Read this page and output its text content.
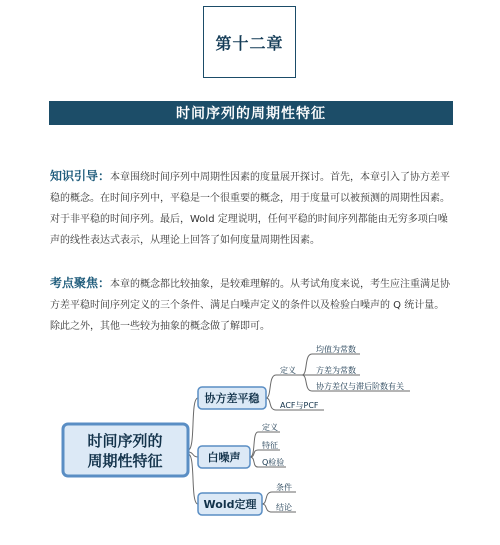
第十二章
时间序列的周期性特征

知识引导：本章围绕时间序列中周期性因素的度量展开探讨。首先，本章引入了协方差平稳的概念。在时间序列中，平稳是一个很重要的概念，用于度量可以被预测的周期性因素。对于非平稳的时间序列。最后，Wold 定理说明，任何平稳的时间序列都能由无穷多项白噪声的线性表达式表示，从理论上回答了如何度量周期性因素。

考点聚焦：本章的概念都比较抽象，是较难理解的。从考试角度来说，考生应注重满足协方差平稳时间序列定义的三个条件、满足白噪声定义的条件以及检验白噪声的 Q 统计量。除此之外，其他一些较为抽象的概念做了解即可。

时间序列的
周期性特征
协方差平稳
定义
均值为常数
方差为常数
协方差仅与滞后阶数有关
ACF与PCF
白噪声
定义
特征
Q检验
Wold定理
条件
结论
